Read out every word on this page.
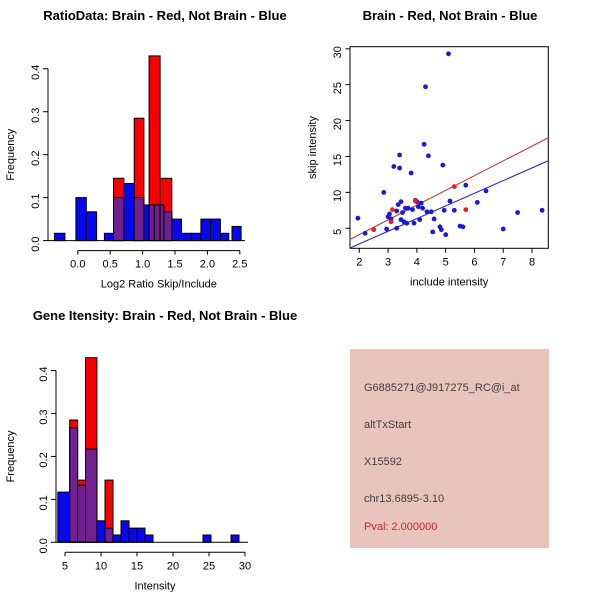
RatioData: Brain - Red, Not Brain - Blue
0.0
0.1
0.2
0.3
0.4
0.0 0.5 1.0 1.5 2.0 2.5
Log2 Ratio Skip/Include
Frequency
Brain - Red, Not Brain - Blue
2 3 4 5 6 7 8
5
10
15
20
25
30
include intensity
skip intensity
Gene Itensity: Brain - Red, Not Brain - Blue
0.0
0.1
0.2
0.3
0.4
5 10 15 20 25 30
Intensity
Frequency
G6885271@J917275_RC@i_at
altTxStart
X15592
chr13.6895-3.10
Pval: 2.000000
